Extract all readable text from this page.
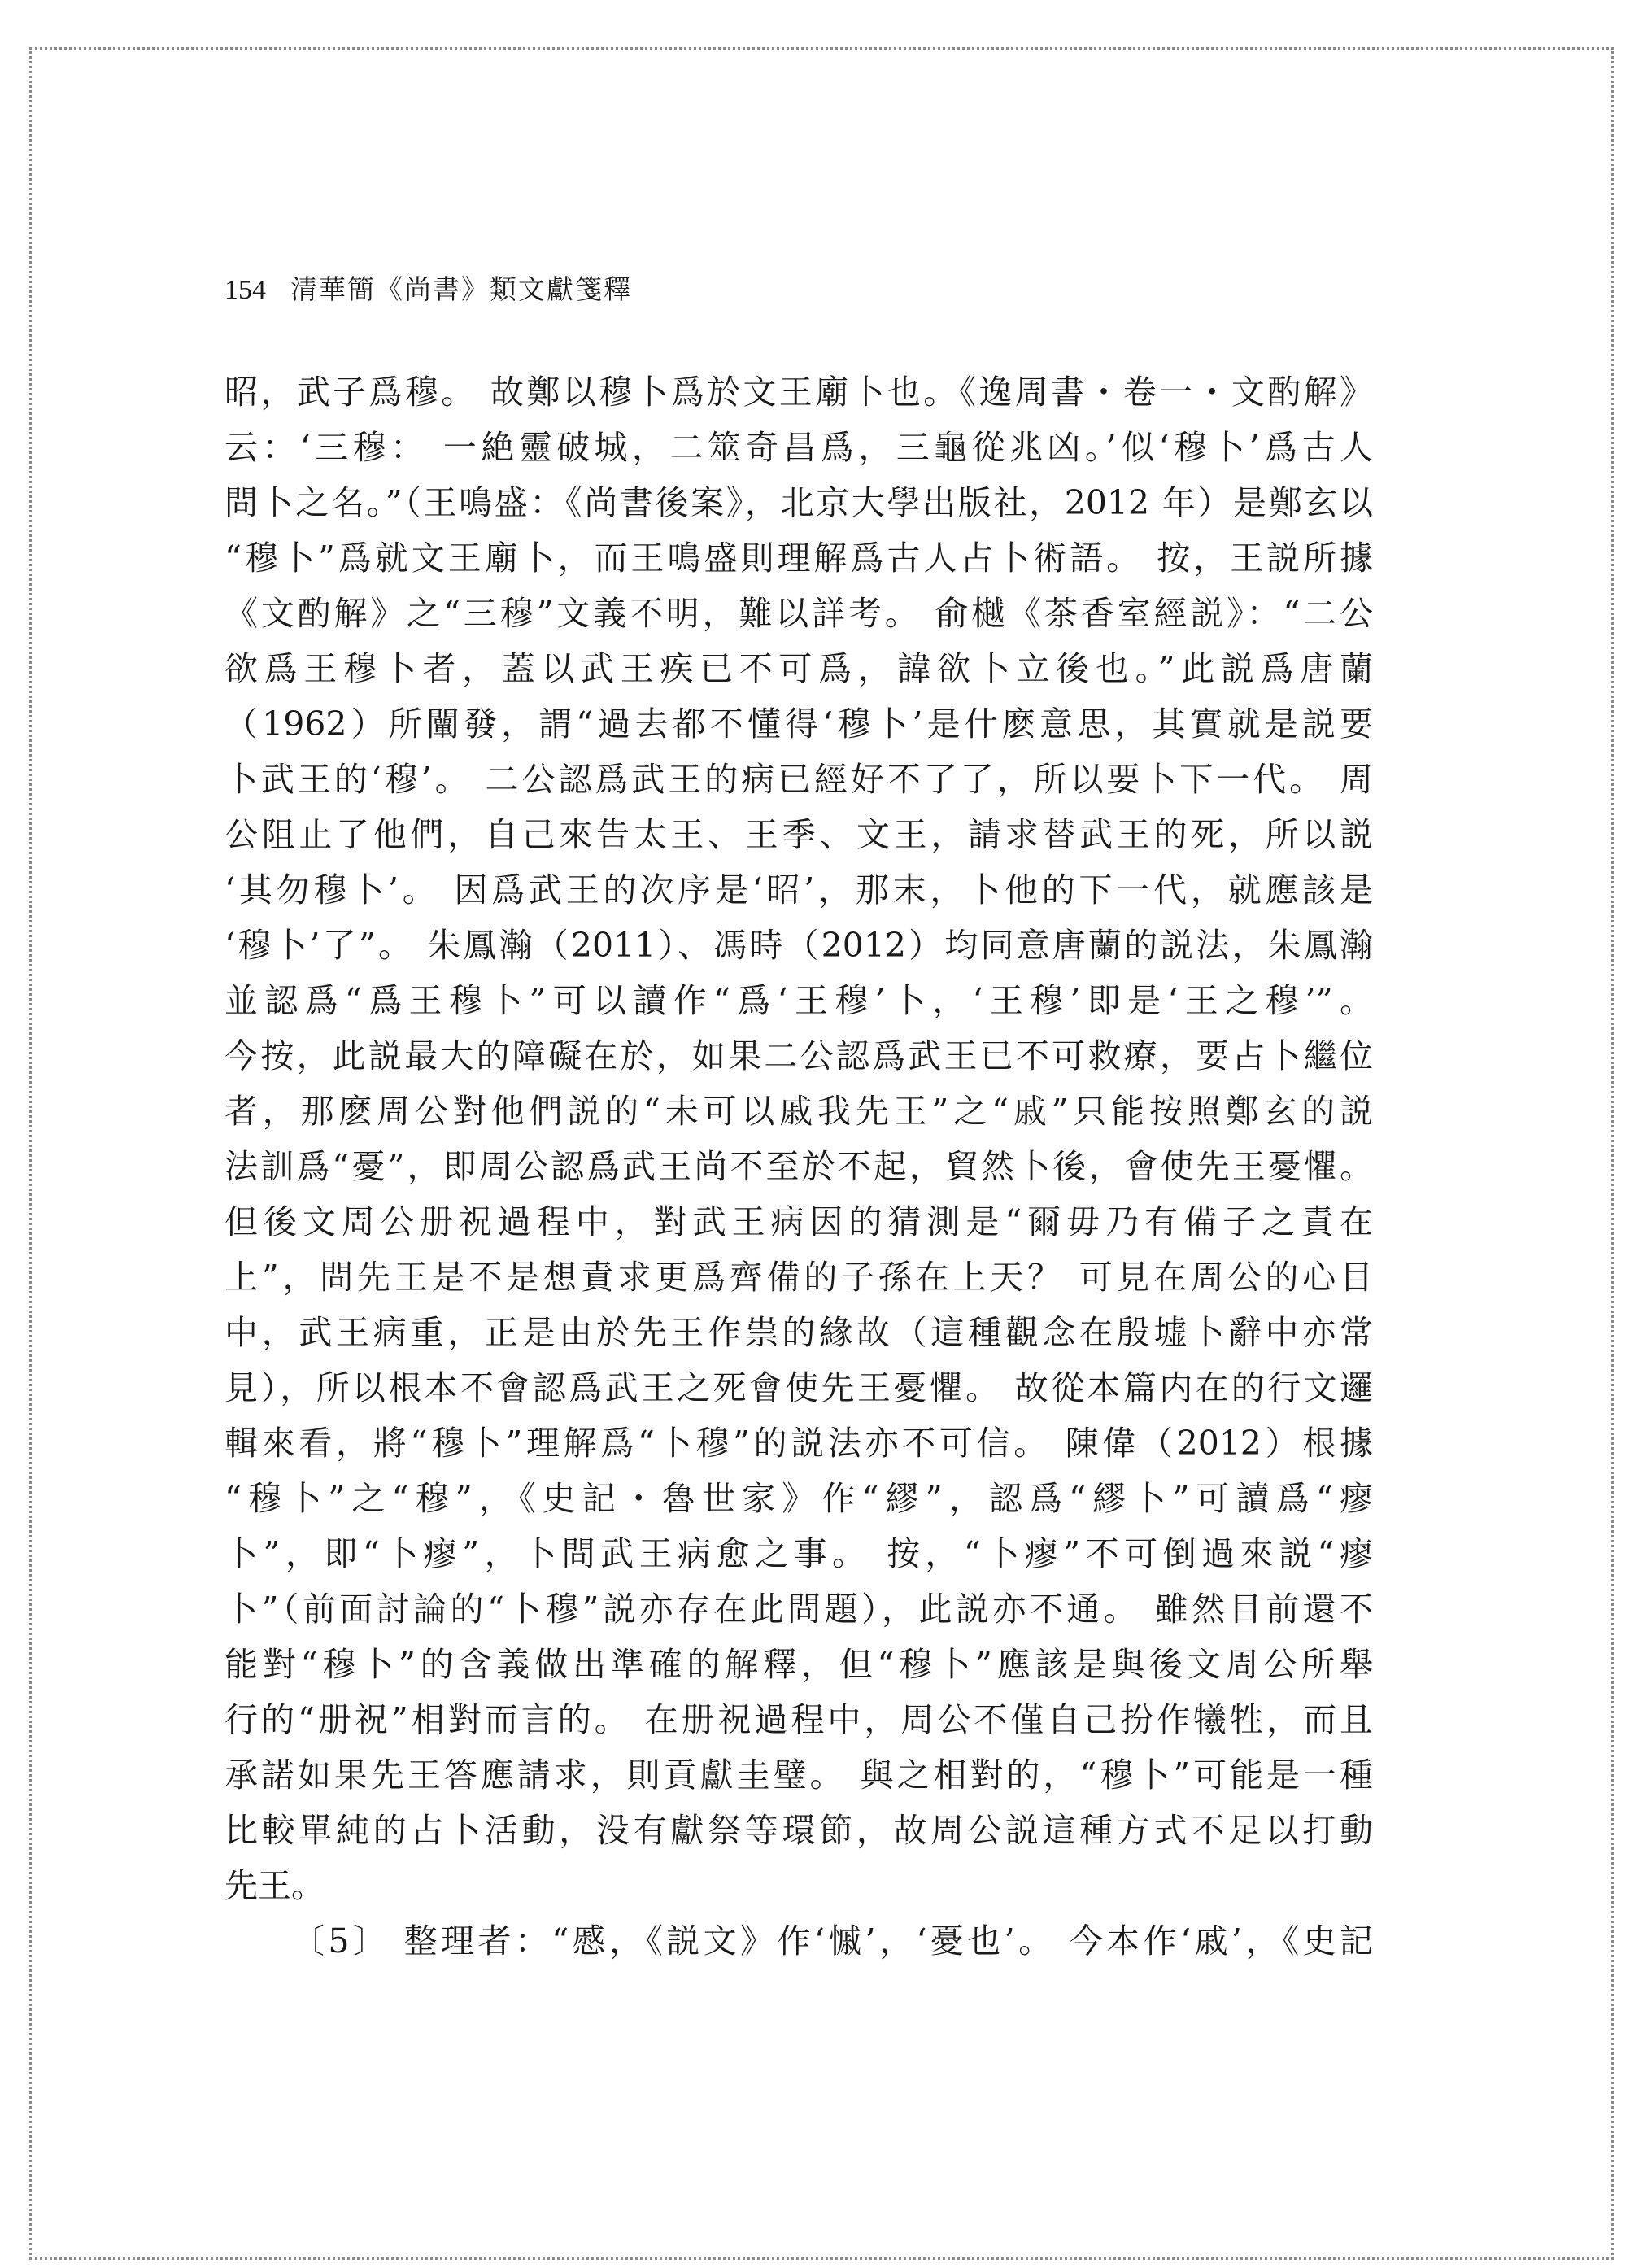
154 清華簡《尚書》類文獻箋釋
昭，武子爲穆。 故鄭以穆卜爲於文王廟卜也。《逸周書・卷一・文酌解》
云：‘三穆： 一絶靈破城，二筮奇昌爲，三龜從兆凶。’似‘穆卜’爲古人
問卜之名。”（王鳴盛：《尚書後案》，北京大學出版社，2012 年）是鄭玄以
“穆卜”爲就文王廟卜，而王鳴盛則理解爲古人占卜術語。 按，王説所據
《文酌解》之“三穆”文義不明，難以詳考。 俞樾《茶香室經説》：“二公
欲爲王穆卜者，蓋以武王疾已不可爲，諱欲卜立後也。”此説爲唐蘭
（1962）所闡發，謂“過去都不懂得‘穆卜’是什麽意思，其實就是説要
卜武王的‘穆’。 二公認爲武王的病已經好不了了，所以要卜下一代。 周
公阻止了他們，自己來告太王、王季、文王，請求替武王的死，所以説
‘其勿穆卜’。 因爲武王的次序是‘昭’，那末，卜他的下一代，就應該是
‘穆卜’了”。 朱鳳瀚（2011）、馮時（2012）均同意唐蘭的説法，朱鳳瀚
並認爲“爲王穆卜”可以讀作“爲‘王穆’卜，‘王穆’即是‘王之穆’”。
今按，此説最大的障礙在於，如果二公認爲武王已不可救療，要占卜繼位
者，那麽周公對他們説的“未可以戚我先王”之“戚”只能按照鄭玄的説
法訓爲“憂”，即周公認爲武王尚不至於不起，貿然卜後，會使先王憂懼。
但後文周公册祝過程中，對武王病因的猜測是“爾毋乃有備子之責在
上”，問先王是不是想責求更爲齊備的子孫在上天？ 可見在周公的心目
中，武王病重，正是由於先王作祟的緣故（這種觀念在殷墟卜辭中亦常
見），所以根本不會認爲武王之死會使先王憂懼。 故從本篇内在的行文邏
輯來看，將“穆卜”理解爲“卜穆”的説法亦不可信。 陳偉（2012）根據
“穆卜”之“穆”，《史記・魯世家》作“繆”，認爲“繆卜”可讀爲“瘳
卜”，即“卜瘳”，卜問武王病愈之事。 按，“卜瘳”不可倒過來説“瘳
卜”（前面討論的“卜穆”説亦存在此問題），此説亦不通。 雖然目前還不
能對“穆卜”的含義做出準確的解釋，但“穆卜”應該是與後文周公所舉
行的“册祝”相對而言的。 在册祝過程中，周公不僅自己扮作犧牲，而且
承諾如果先王答應請求，則貢獻圭璧。 與之相對的，“穆卜”可能是一種
比較單純的占卜活動，没有獻祭等環節，故周公説這種方式不足以打動
先王。
〔5〕 整理者：“慼，《説文》作‘慽’，‘憂也’。 今本作‘戚’，《史記
